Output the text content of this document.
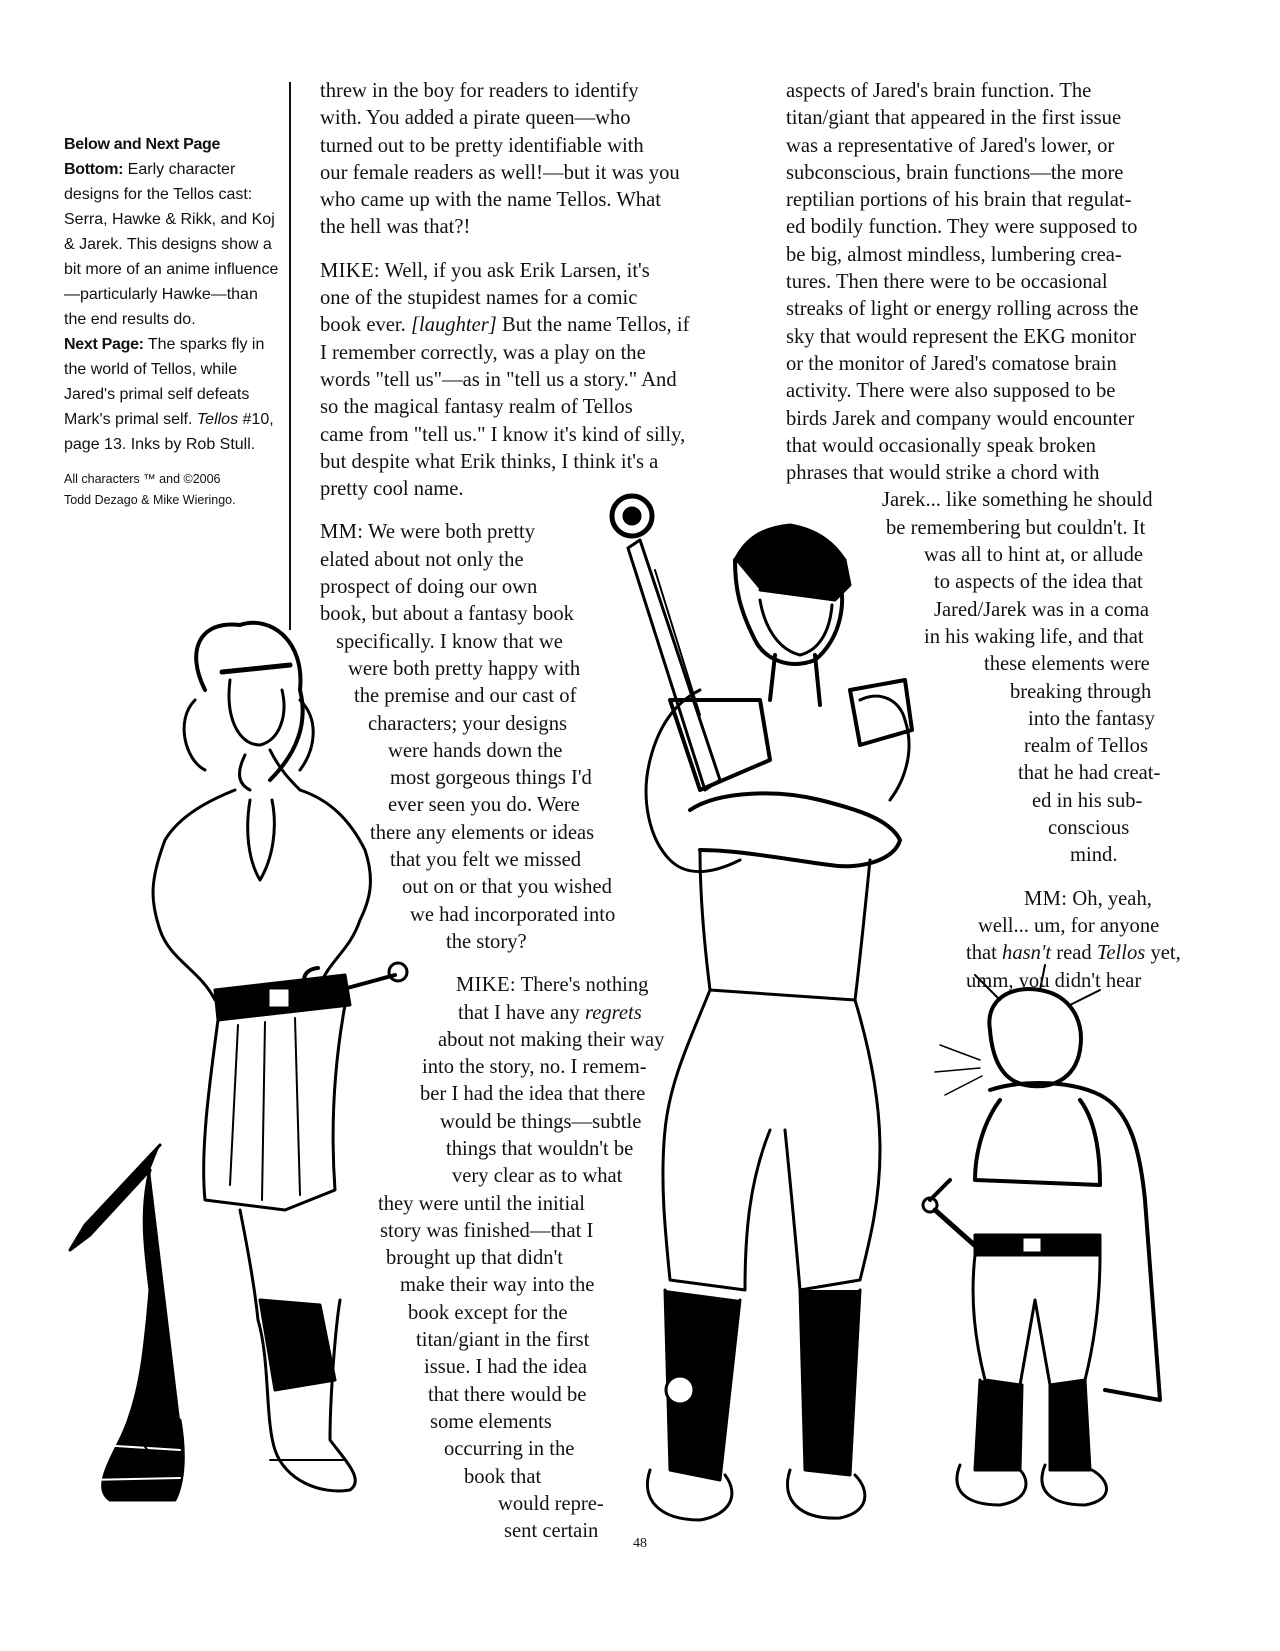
Below and Next Page Bottom: Early character designs for the Tellos cast: Serra, Hawke & Rikk, and Koj & Jarek. This designs show a bit more of an anime influence—particularly Hawke—than the end results do.

Next Page: The sparks fly in the world of Tellos, while Jared's primal self defeats Mark's primal self. Tellos #10, page 13. Inks by Rob Stull.

All characters ™ and ©2006
Todd Dezago & Mike Wieringo.

threw in the boy for readers to identify
with. You added a pirate queen—who
turned out to be pretty identifiable with
our female readers as well!—but it was you
who came up with the name Tellos. What
the hell was that?!
MIKE: Well, if you ask Erik Larsen, it's
one of the stupidest names for a comic
book ever. [laughter] But the name Tellos, if
I remember correctly, was a play on the
words "tell us"—as in "tell us a story." And
so the magical fantasy realm of Tellos
came from "tell us." I know it's kind of silly,
but despite what Erik thinks, I think it's a
pretty cool name.
MM: We were both pretty
elated about not only the
prospect of doing our own
book, but about a fantasy book
specifically. I know that we
were both pretty happy with
the premise and our cast of
characters; your designs
were hands down the
most gorgeous things I'd
ever seen you do. Were
there any elements or ideas
that you felt we missed
out on or that you wished
we had incorporated into
the story?
MIKE: There's nothing
that I have any regrets
about not making their way
into the story, no. I remem-
ber I had the idea that there
would be things—subtle
things that wouldn't be
very clear as to what
they were until the initial
story was finished—that I
brought up that didn't
make their way into the
book except for the
titan/giant in the first
issue. I had the idea
that there would be
some elements
occurring in the
book that
would repre-
sent certain
aspects of Jared's brain function. The
titan/giant that appeared in the first issue
was a representative of Jared's lower, or
subconscious, brain functions—the more
reptilian portions of his brain that regulat-
ed bodily function. They were supposed to
be big, almost mindless, lumbering crea-
tures. Then there were to be occasional
streaks of light or energy rolling across the
sky that would represent the EKG monitor
or the monitor of Jared's comatose brain
activity. There were also supposed to be
birds Jarek and company would encounter
that would occasionally speak broken
phrases that would strike a chord with
Jarek... like something he should
be remembering but couldn't. It
was all to hint at, or allude
to aspects of the idea that
Jared/Jarek was in a coma
in his waking life, and that
these elements were
breaking through
into the fantasy
realm of Tellos
that he had creat-
ed in his sub-
conscious
mind.
MM: Oh, yeah,
well... um, for anyone
that hasn't read Tellos yet,
umm, you didn't hear
48
